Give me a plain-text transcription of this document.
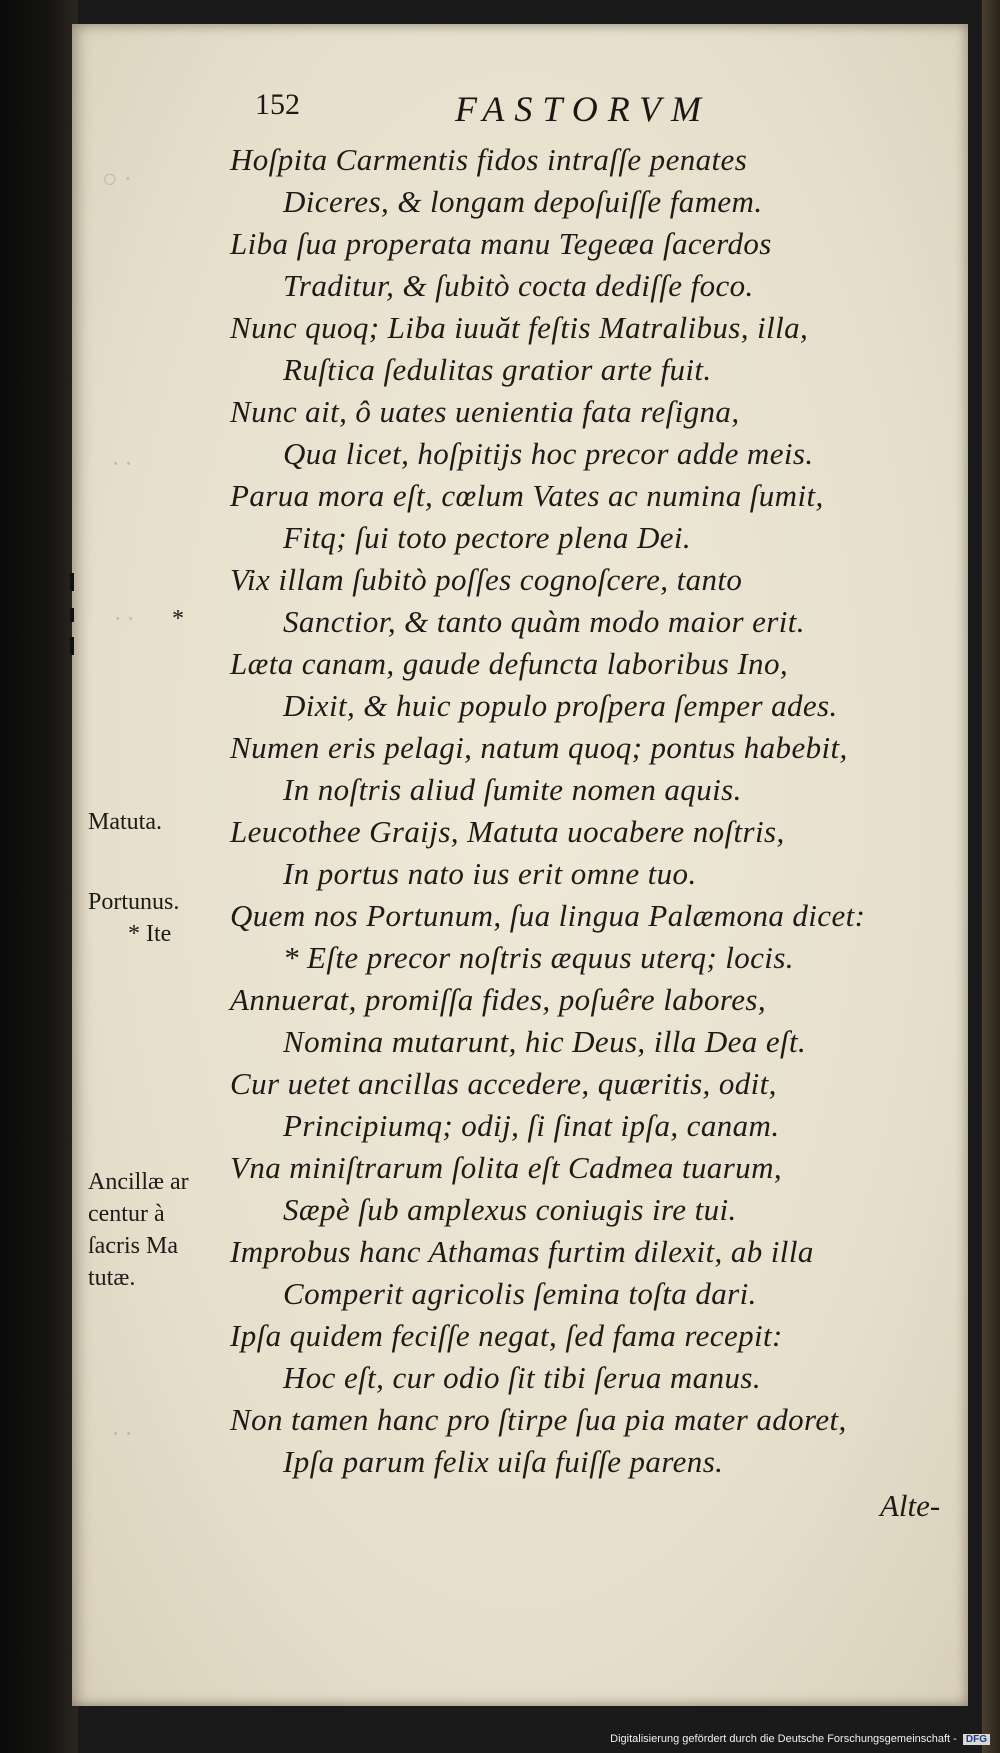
○ ·
· ·
· ·
· ·
152	FASTORVM
Hoſpita Carmentis fidos intraſſe penates
Diceres, & longam depoſuiſſe famem.
Liba ſua properata manu Tegeæa ſacerdos
Traditur, & ſubitò cocta dediſſe foco.
Nunc quoq; Liba iuuăt feſtis Matralibus, illa,
Ruſtica ſedulitas gratior arte fuit.
Nunc ait, ô uates uenientia fata reſigna,
Qua licet, hoſpitijs hoc precor adde meis.
Parua mora eſt, cœlum Vates ac numina ſumit,
Fitq; ſui toto pectore plena Dei.
Vix illam ſubitò poſſes cognoſcere, tanto
Sanctior, & tanto quàm modo maior erit.
Læta canam, gaude defuncta laboribus Ino,
Dixit, & huic populo proſpera ſemper ades.
Numen eris pelagi, natum quoq; pontus habebit,
In noſtris aliud ſumite nomen aquis.
Leucothee Graijs, Matuta uocabere noſtris,
In portus nato ius erit omne tuo.
Quem nos Portunum, ſua lingua Palæmona dicet:
* Eſte precor noſtris æquus uterq; locis.
Annuerat, promiſſa fides, poſuêre labores,
Nomina mutarunt, hic Deus, illa Dea eſt.
Cur uetet ancillas accedere, quæritis, odit,
Principiumq; odij, ſi ſinat ipſa, canam.
Vna miniſtrarum ſolita eſt Cadmea tuarum,
Sæpè ſub amplexus coniugis ire tui.
Improbus hanc Athamas furtim dilexit, ab illa
Comperit agricolis ſemina toſta dari.
Ipſa quidem feciſſe negat, ſed fama recepit:
Hoc eſt, cur odio ſit tibi ſerua manus.
Non tamen hanc pro ſtirpe ſua pia mater adoret,
Ipſa parum felix uiſa fuiſſe parens.
*
Matuta.
Portunus.
* Ite
Ancillæ ar
centur à
ſacris Ma
tutæ.
Alte-
Digitalisierung gefördert durch die Deutsche Forschungsgemeinschaft - DFG
